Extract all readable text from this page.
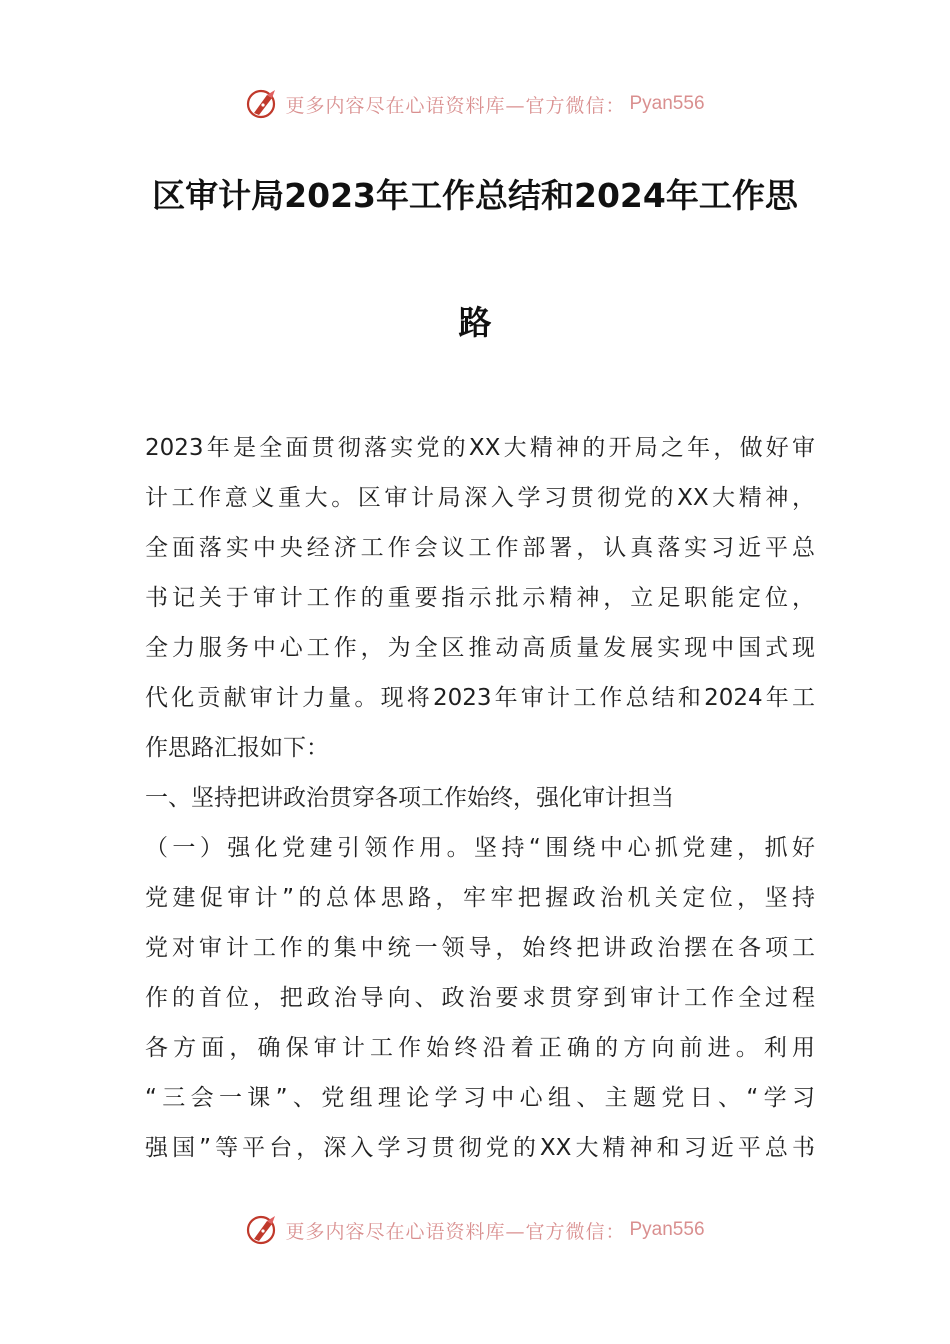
更多内容尽在心语资料库—官方微信： Pyan556
区审计局2023年工作总结和2024年工作思
路
2023年是全面贯彻落实党的XX大精神的开局之年，做好审
计工作意义重大。区审计局深入学习贯彻党的XX大精神，
全面落实中央经济工作会议工作部署，认真落实习近平总
书记关于审计工作的重要指示批示精神，立足职能定位，
全力服务中心工作，为全区推动高质量发展实现中国式现
代化贡献审计力量。现将2023年审计工作总结和2024年工
作思路汇报如下：
一、坚持把讲政治贯穿各项工作始终，强化审计担当
（一）强化党建引领作用。坚持“围绕中心抓党建，抓好
党建促审计”的总体思路，牢牢把握政治机关定位，坚持
党对审计工作的集中统一领导，始终把讲政治摆在各项工
作的首位，把政治导向、政治要求贯穿到审计工作全过程
各方面，确保审计工作始终沿着正确的方向前进。利用
“三会一课”、党组理论学习中心组、主题党日、“学习
强国”等平台，深入学习贯彻党的XX大精神和习近平总书
更多内容尽在心语资料库—官方微信： Pyan556
